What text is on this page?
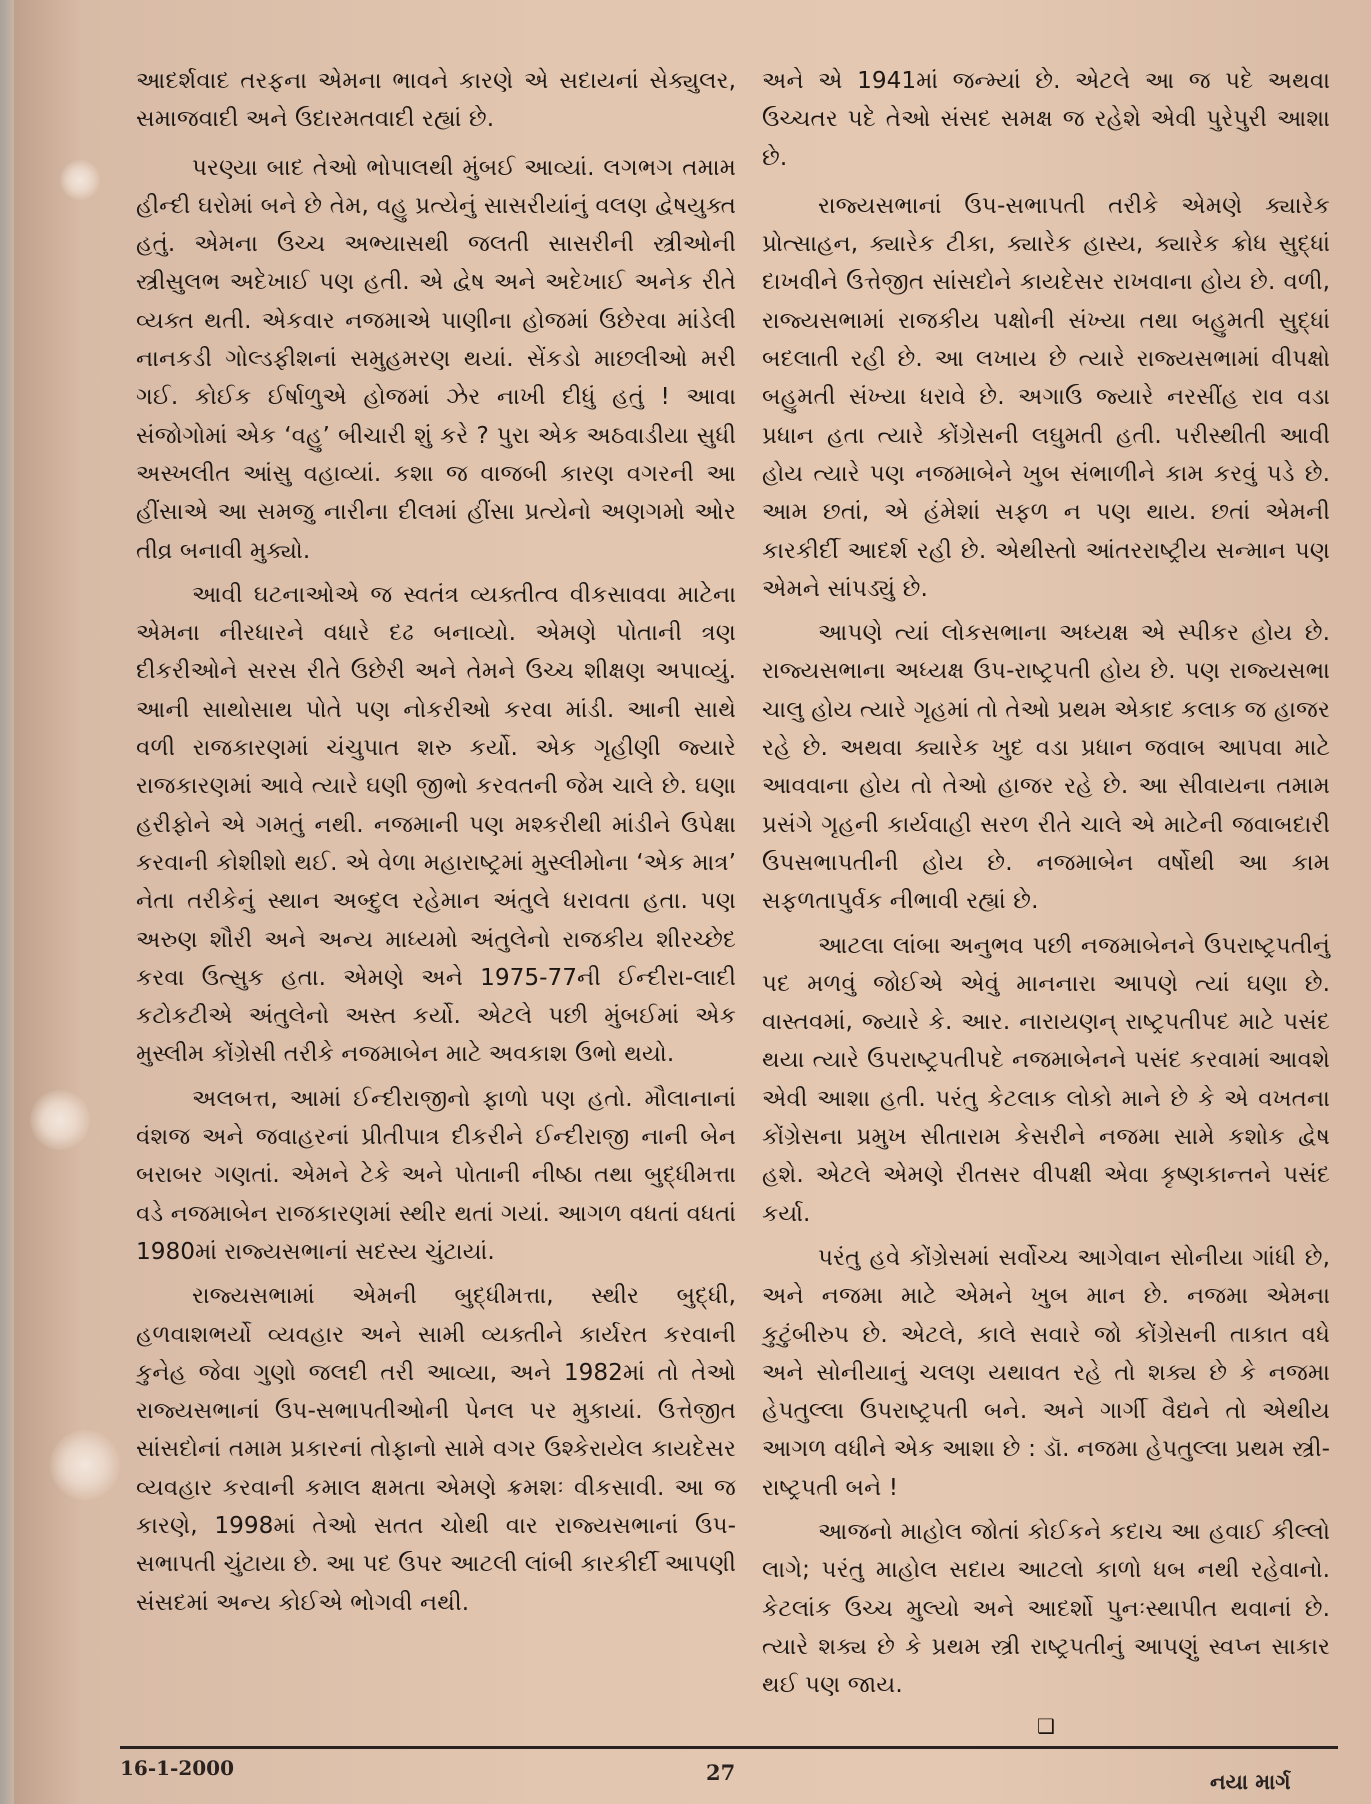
આદર્શવાદ તરફના એમના ભાવને કારણે એ સદાયનાં સેક્યુલર, સમાજવાદી અને ઉદારમતવાદી રહ્યાં છે.

પરણ્યા બાદ તેઓ ભોપાલથી મુંબઈ આવ્યાં. લગભગ તમામ હીન્દી ઘરોમાં બને છે તેમ, વહુ પ્રત્યેનું સાસરીયાંનું વલણ દ્વેષયુક્ત હતું. એમના ઉચ્ચ અભ્યાસથી જલતી સાસરીની સ્ત્રીઓની સ્ત્રીસુલભ અદેખાઈ પણ હતી. એ દ્વેષ અને અદેખાઈ અનેક રીતે વ્યક્ત થતી. એકવાર નજમાએ પાણીના હોજમાં ઉછેરવા માંડેલી નાનકડી ગોલ્ડફીશનાં સમુહમરણ થયાં. સેંકડો માછલીઓ મરી ગઈ. કોઈક ઈર્ષાળુએ હોજમાં ઝેર નાખી દીધું હતું ! આવા સંજોગોમાં એક ‘વહુ’ બીચારી શું કરે ? પુરા એક અઠવાડીયા સુધી અસ્ખલીત આંસુ વહાવ્યાં. કશા જ વાજબી કારણ વગરની આ હીંસાએ આ સમજુ નારીના દીલમાં હીંસા પ્રત્યેનો અણગમો ઓર તીવ્ર બનાવી મુક્યો.

આવી ઘટનાઓએ જ સ્વતંત્ર વ્યક્તીત્વ વીકસાવવા માટેના એમના નીરધારને વધારે દઢ બનાવ્યો. એમણે પોતાની ત્રણ દીકરીઓને સરસ રીતે ઉછેરી અને તેમને ઉચ્ચ શીક્ષણ અપાવ્યું. આની સાથોસાથ પોતે પણ નોકરીઓ કરવા માંડી. આની સાથે વળી રાજકારણમાં ચંચુપાત શરુ કર્યો. એક ગૃહીણી જ્યારે રાજકારણમાં આવે ત્યારે ઘણી જીભો કરવતની જેમ ચાલે છે. ઘણા હરીફોને એ ગમતું નથી. નજમાની પણ મશ્કરીથી માંડીને ઉપેક્ષા કરવાની કોશીશો થઈ. એ વેળા મહારાષ્ટ્રમાં મુસ્લીમોના ‘એક માત્ર’ નેતા તરીકેનું સ્થાન અબ્દુલ રહેમાન અંતુલે ધરાવતા હતા. પણ અરુણ શૌરી અને અન્ય માધ્યમો અંતુલેનો રાજકીય શીરચ્છેદ કરવા ઉત્સુક હતા. એમણે અને 1975-77ની ઈન્દીરા-લાદી કટોકટીએ અંતુલેનો અસ્ત કર્યો. એટલે પછી મુંબઈમાં એક મુસ્લીમ કોંગ્રેસી તરીકે નજમાબેન માટે અવકાશ ઉભો થયો.

અલબત્ત, આમાં ઈન્દીરાજીનો ફાળો પણ હતો. મૌલાનાનાં વંશજ અને જવાહરનાં પ્રીતીપાત્ર દીકરીને ઈન્દીરાજી નાની બેન બરાબર ગણતાં. એમને ટેકે અને પોતાની નીષ્ઠા તથા બુદ્ધીમત્તા વડે નજમાબેન રાજકારણમાં સ્થીર થતાં ગયાં. આગળ વધતાં વધતાં 1980માં રાજ્યસભાનાં સદસ્ય ચુંટાયાં.

રાજ્યસભામાં એમની બુદ્ધીમત્તા, સ્થીર બુદ્ધી, હળવાશભર્યો વ્યવહાર અને સામી વ્યક્તીને કાર્યરત કરવાની કુનેહ જેવા ગુણો જલદી તરી આવ્યા, અને 1982માં તો તેઓ રાજ્યસભાનાં ઉપ-સભાપતીઓની પેનલ પર મુકાયાં. ઉત્તેજીત સાંસદોનાં તમામ પ્રકારનાં તોફાનો સામે વગર ઉશ્કેરાયેલ કાયદેસર વ્યવહાર કરવાની કમાલ ક્ષમતા એમણે ક્રમશઃ વીકસાવી. આ જ કારણે, 1998માં તેઓ સતત ચોથી વાર રાજ્યસભાનાં ઉપ-સભાપતી ચુંટાયા છે. આ પદ ઉપર આટલી લાંબી કારકીર્દી આપણી સંસદમાં અન્ય કોઈએ ભોગવી નથી.

અને એ 1941માં જન્મ્યાં છે. એટલે આ જ પદે અથવા ઉચ્ચતર પદે તેઓ સંસદ સમક્ષ જ રહેશે એવી પુરેપુરી આશા છે.

રાજ્યસભાનાં ઉપ-સભાપતી તરીકે એમણે ક્યારેક પ્રોત્સાહન, ક્યારેક ટીકા, ક્યારેક હાસ્ય, ક્યારેક ક્રોધ સુદ્ધાં દાખવીને ઉત્તેજીત સાંસદોને કાયદેસર રાખવાના હોય છે. વળી, રાજ્યસભામાં રાજકીય પક્ષોની સંખ્યા તથા બહુમતી સુદ્ધાં બદલાતી રહી છે. આ લખાય છે ત્યારે રાજ્યસભામાં વીપક્ષો બહુમતી સંખ્યા ધરાવે છે. અગાઉ જ્યારે નરસીંહ રાવ વડા પ્રધાન હતા ત્યારે કોંગ્રેસની લઘુમતી હતી. પરીસ્થીતી આવી હોય ત્યારે પણ નજમાબેને ખુબ સંભાળીને કામ કરવું પડે છે. આમ છતાં, એ હંમેશાં સફળ ન પણ થાય. છતાં એમની કારકીર્દી આદર્શ રહી છે. એથીસ્તો આંતરરાષ્ટ્રીય સન્માન પણ એમને સાંપડ્યું છે.

આપણે ત્યાં લોકસભાના અધ્યક્ષ એ સ્પીકર હોય છે. રાજ્યસભાના અધ્યક્ષ ઉપ-રાષ્ટ્રપતી હોય છે. પણ રાજ્યસભા ચાલુ હોય ત્યારે ગૃહમાં તો તેઓ પ્રથમ એકાદ કલાક જ હાજર રહે છે. અથવા ક્યારેક ખુદ વડા પ્રધાન જવાબ આપવા માટે આવવાના હોય તો તેઓ હાજર રહે છે. આ સીવાયના તમામ પ્રસંગે ગૃહની કાર્યવાહી સરળ રીતે ચાલે એ માટેની જવાબદારી ઉપસભાપતીની હોય છે. નજમાબેન વર્ષોથી આ કામ સફળતાપુર્વક નીભાવી રહ્યાં છે.

આટલા લાંબા અનુભવ પછી નજમાબેનને ઉપરાષ્ટ્રપતીનું પદ મળવું જોઈએ એવું માનનારા આપણે ત્યાં ઘણા છે. વાસ્તવમાં, જ્યારે કે. આર. નારાયણન્ રાષ્ટ્રપતીપદ માટે પસંદ થયા ત્યારે ઉપરાષ્ટ્રપતીપદે નજમાબેનને પસંદ કરવામાં આવશે એવી આશા હતી. પરંતુ કેટલાક લોકો માને છે કે એ વખતના કોંગ્રેસના પ્રમુખ સીતારામ કેસરીને નજમા સામે કશોક દ્વેષ હશે. એટલે એમણે રીતસર વીપક્ષી એવા કૃષ્ણકાન્તને પસંદ કર્યા.

પરંતુ હવે કોંગ્રેસમાં સર્વોચ્ચ આગેવાન સોનીયા ગાંધી છે, અને નજમા માટે એમને ખુબ માન છે. નજમા એમના કુટુંબીરુપ છે. એટલે, કાલે સવારે જો કોંગ્રેસની તાકાત વધે અને સોનીયાનું ચલણ યથાવત રહે તો શક્ય છે કે નજમા હેપતુલ્લા ઉપરાષ્ટ્રપતી બને. અને ગાર્ગી વૈદ્યને તો એથીય આગળ વધીને એક આશા છે : ડૉ. નજમા હેપતુલ્લા પ્રથમ સ્ત્રી-રાષ્ટ્રપતી બને !

આજનો માહોલ જોતાં કોઈકને કદાચ આ હવાઈ કીલ્લો લાગે; પરંતુ માહોલ સદાય આટલો કાળો ધબ નથી રહેવાનો. કેટલાંક ઉચ્ચ મુલ્યો અને આદર્શો પુનઃસ્થાપીત થવાનાં છે. ત્યારે શક્ય છે કે પ્રથમ સ્ત્રી રાષ્ટ્રપતીનું આપણું સ્વપ્ન સાકાર થઈ પણ જાય.

❑
16-1-2000	27	નયા માર્ગ
